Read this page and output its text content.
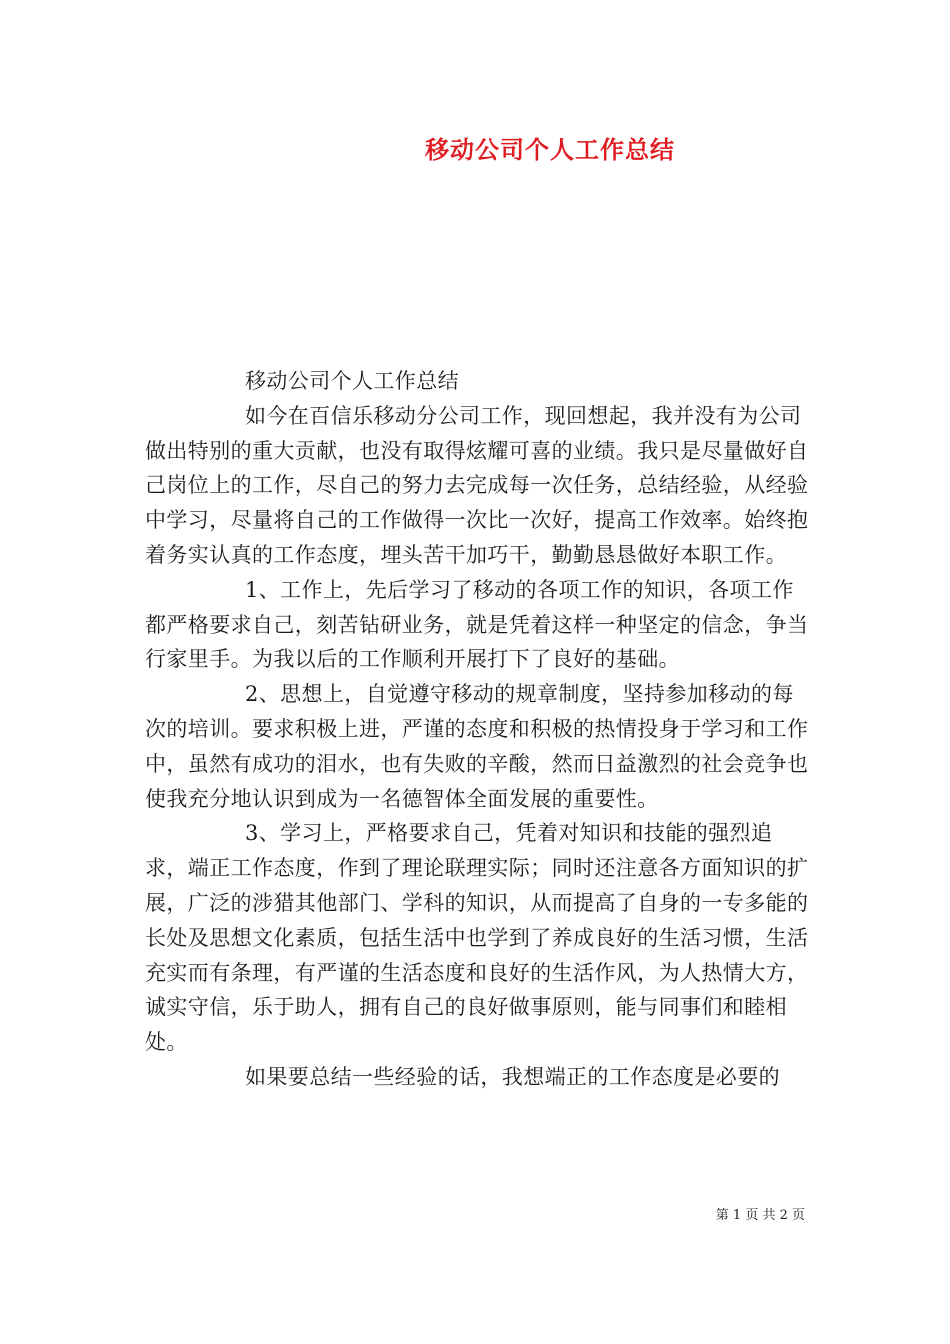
移动公司个人工作总结

移动公司个人工作总结

如今在百信乐移动分公司工作，现回想起，我并没有为公司做出特别的重大贡献，也没有取得炫耀可喜的业绩。我只是尽量做好自己岗位上的工作，尽自己的努力去完成每一次任务，总结经验，从经验中学习，尽量将自己的工作做得一次比一次好，提高工作效率。始终抱着务实认真的工作态度，埋头苦干加巧干，勤勤恳恳做好本职工作。

1、工作上，先后学习了移动的各项工作的知识，各项工作都严格要求自己，刻苦钻研业务，就是凭着这样一种坚定的信念，争当行家里手。为我以后的工作顺利开展打下了良好的基础。

2、思想上，自觉遵守移动的规章制度，坚持参加移动的每次的培训。要求积极上进，严谨的态度和积极的热情投身于学习和工作中，虽然有成功的泪水，也有失败的辛酸，然而日益激烈的社会竞争也使我充分地认识到成为一名德智体全面发展的重要性。

3、学习上，严格要求自己，凭着对知识和技能的强烈追求，端正工作态度，作到了理论联理实际；同时还注意各方面知识的扩展，广泛的涉猎其他部门、学科的知识，从而提高了自身的一专多能的长处及思想文化素质，包括生活中也学到了养成良好的生活习惯，生活充实而有条理，有严谨的生活态度和良好的生活作风，为人热情大方，诚实守信，乐于助人，拥有自己的良好做事原则，能与同事们和睦相处。

如果要总结一些经验的话，我想端正的工作态度是必要的

第 1 页 共 2 页
